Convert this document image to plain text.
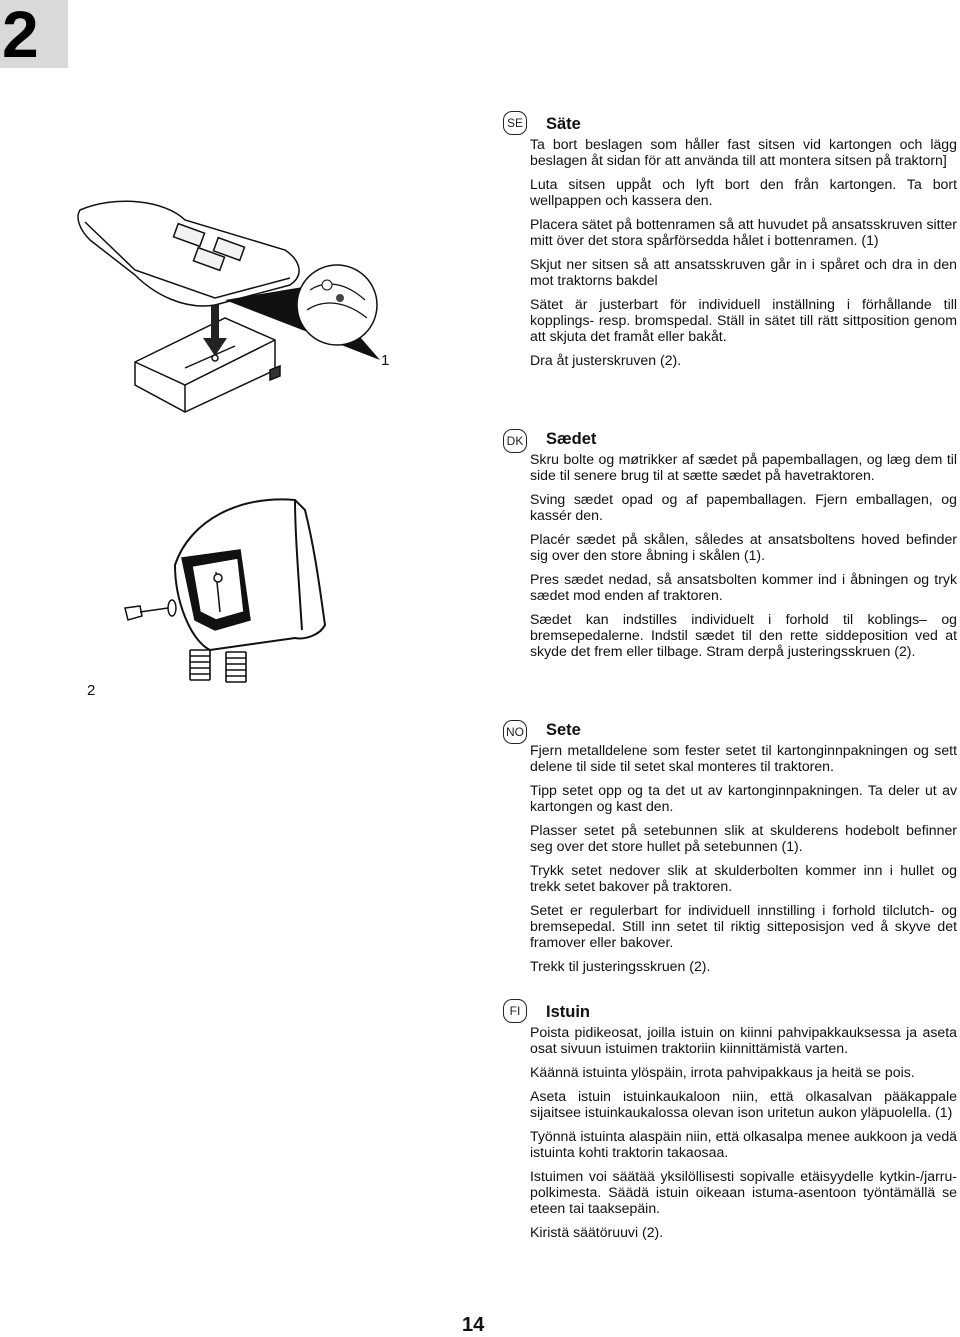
2
1
2
SE Säte

Ta bort beslagen som håller fast sitsen vid kartongen och lägg beslagen åt sidan för att använda till att montera sitsen på traktorn]

Luta sitsen uppåt och lyft bort den från kartongen. Ta bort wellpappen och kassera den.

Placera sätet på bottenramen så att huvudet på ansatsskruven sitter mitt över det stora spårförsedda hålet i bottenramen. (1)

Skjut ner sitsen så att ansatsskruven går in i spåret och dra in den mot traktorns bakdel

Sätet är justerbart för individuell inställning i förhållande till kopplings- resp. bromspedal. Ställ in sätet till rätt sittposition genom att skjuta det framåt eller bakåt.

Dra åt justerskruven (2).

DK Sædet

Skru bolte og møtrikker af sædet på papemballagen, og læg dem til side til senere brug til at sætte sædet på havetraktoren.

Sving sædet opad og af papemballagen. Fjern emballagen, og kassér den.

Placér sædet på skålen, således at ansatsboltens hoved befinder sig over den store åbning i skålen (1).

Pres sædet nedad, så ansatsbolten kommer ind i åbningen og tryk sædet mod enden af traktoren.

Sædet kan indstilles individuelt i forhold til koblings– og bremsepedalerne. Indstil sædet til den rette siddeposition ved at skyde det frem eller tilbage. Stram derpå justeringsskruen (2).

NO Sete

Fjern metalldelene som fester setet til kartonginnpakningen og sett delene til side til setet skal monteres til traktoren.

Tipp setet opp og ta det ut av kartonginnpakningen. Ta deler ut av kartongen og kast den.

Plasser setet på setebunnen slik at skulderens hodebolt befinner seg over det store hullet på setebunnen (1).

Trykk setet nedover slik at skulderbolten kommer inn i hullet og trekk setet bakover på traktoren.

Setet er regulerbart for individuell innstilling i forhold tilclutch- og bremsepedal. Still inn setet til riktig sitteposisjon ved å skyve det framover eller bakover.

Trekk til justeringsskruen (2).

FI	Istuin

Poista pidikeosat, joilla istuin on kiinni pahvipakkauksessa ja aseta osat sivuun istuimen traktoriin kiinnittämistä varten.

Käännä istuinta ylöspäin, irrota pahvipakkaus ja heitä se pois.

Aseta istuin istuinkaukaloon niin, että olkasalvan pääkappale sijaitsee istuinkaukalossa olevan ison uritetun aukon yläpuolella. (1)

Työnnä istuinta alaspäin niin, että olkasalpa menee aukkoon ja vedä istuinta kohti traktorin takaosaa.

Istuimen voi säätää yksilöllisesti sopivalle etäisyydelle kytkin-/jarru-polkimesta. Säädä istuin oikeaan istuma-asentoon työntämällä se eteen tai taaksepäin.

Kiristä säätöruuvi (2).

14
